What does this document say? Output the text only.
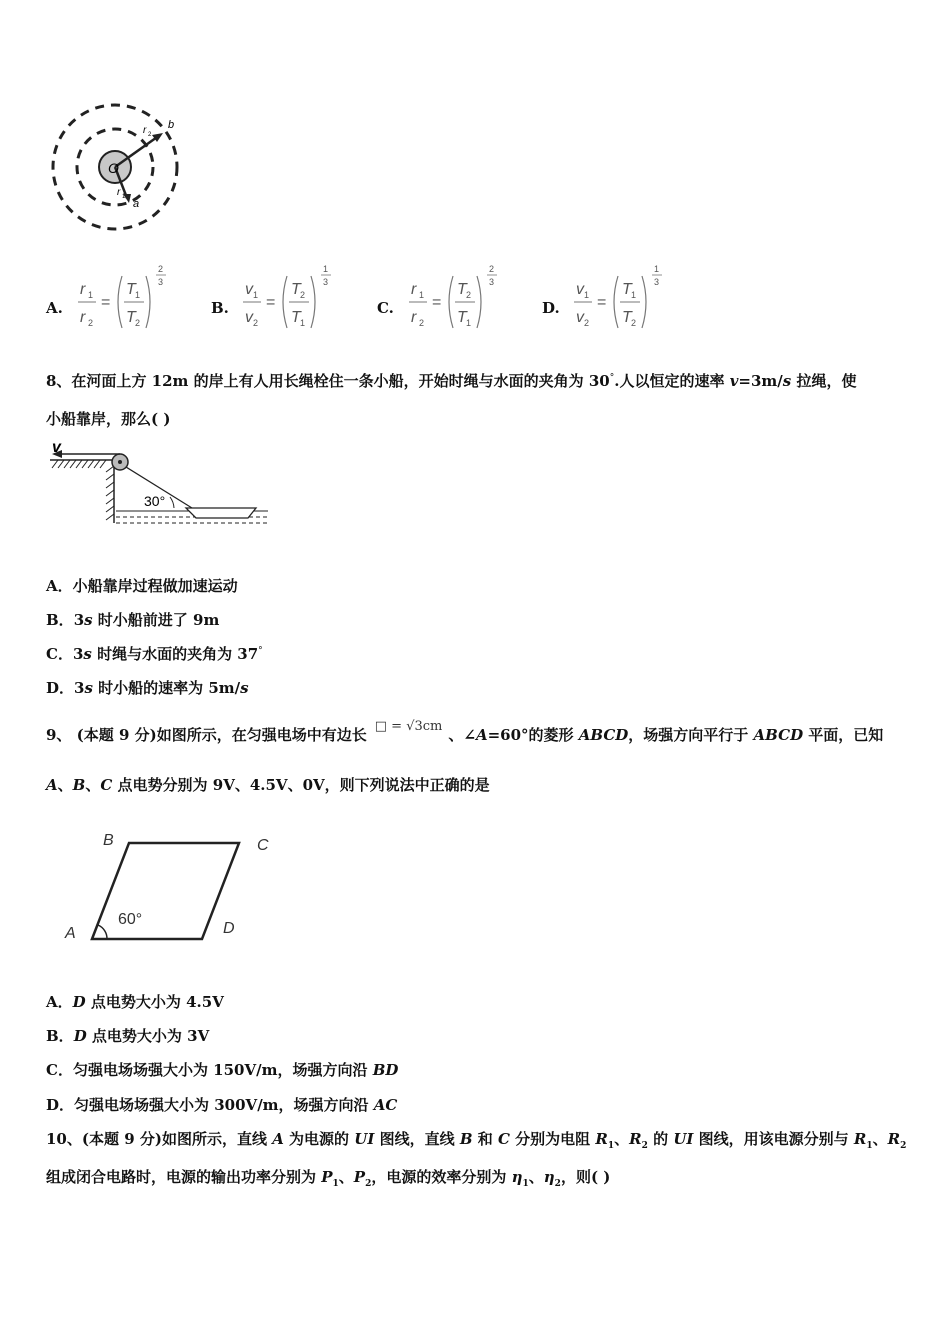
O
r 2
b
r 1
a
A.
r 1
r 2
=
T 1
T 2
2
3
B.
v 1
v 2
=
T 2
T 1
1
3
C.
r 1
r 2
=
T 2
T 1
2
3
D.
v 1
v 2
=
T 1
T 2
1
3
8、在河面上方 12m 的岸上有人用长绳栓住一条小船，开始时绳与水面的夹角为 30°.人以恒定的速率 v=3m/s 拉绳，使
小船靠岸，那么( )
v
30°
A．小船靠岸过程做加速运动
B．3s 时小船前进了 9m
C．3s 时绳与水面的夹角为 37°
D．3s 时小船的速率为 5m/s
9、 (本题 9 分)如图所示，在匀强电场中有边长 □ = √3cm 、∠A=60°的菱形 ABCD，场强方向平行于 ABCD 平面，已知
A、B、C 点电势分别为 9V、4.5V、0V，则下列说法中正确的是
B	C
A	D
60°
A．D 点电势大小为 4.5V
B．D 点电势大小为 3V
C．匀强电场场强大小为 150V/m，场强方向沿 BD
D．匀强电场场强大小为 300V/m，场强方向沿 AC
10、(本题 9 分)如图所示，直线 A 为电源的 UI 图线，直线 B 和 C 分别为电阻 $R_1$、$R_2$ 的 UI 图线，用该电源分别与 $R_1$、$R_2$
组成闭合电路时，电源的输出功率分别为 $P_1$、$P_2$，电源的效率分别为 $\eta_1$、$\eta_2$，则( )
